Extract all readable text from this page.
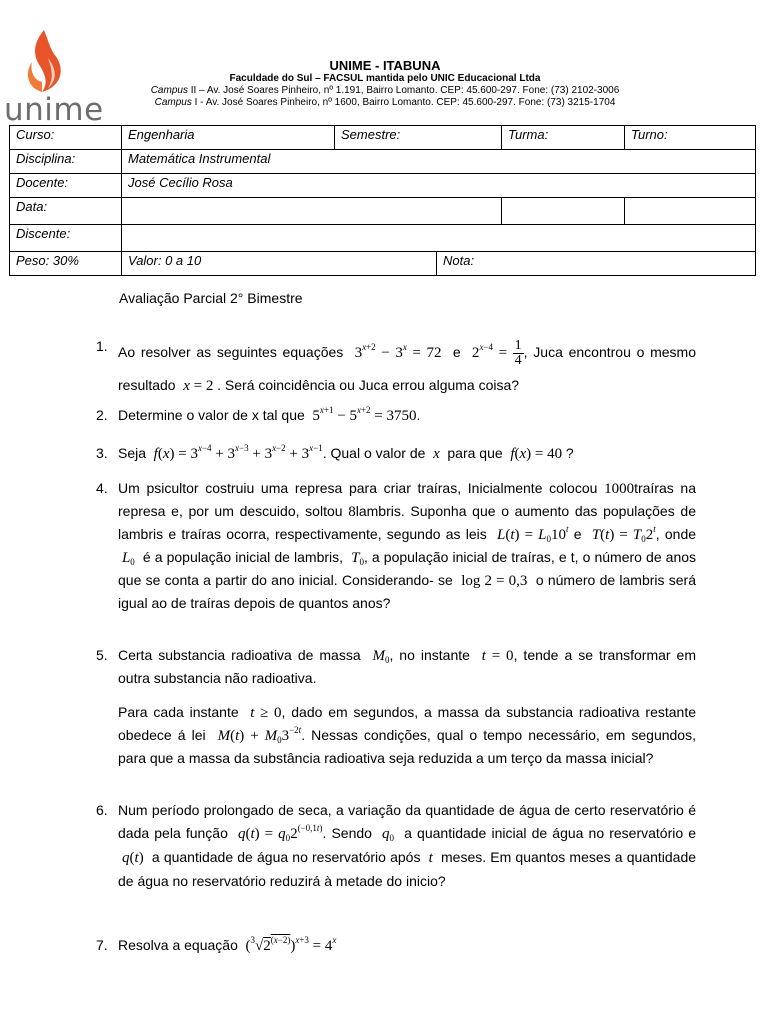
unime
UNIME - ITABUNA
Faculdade do Sul – FACSUL mantida pelo UNIC Educacional Ltda
Campus II – Av. José Soares Pinheiro, nº 1.191, Bairro Lomanto. CEP: 45.600-297. Fone: (73) 2102-3006
Campus I - Av. José Soares Pinheiro, nº 1600, Bairro Lomanto. CEP: 45.600-297. Fone: (73) 3215-1704
Curso:	Engenharia	Semestre:		Turma:	Turno:
Disciplina:	Matemática Instrumental				
Docente:	José Cecílio Rosa				
Data:					
Discente:					
Peso: 30%	Valor: 0 a 10		Nota:		
Avaliação Parcial 2° Bimestre
1. Ao resolver as seguintes equações  $3^{x+2} - 3^x = 72$  e  $2^{x-4} = \frac{1}{4}$ , Juca encontrou o mesmo resultado x = 2 . Será coincidência ou Juca errou alguma coisa?
2. Determine o valor de x tal que  $5^{x+1} - 5^{x+2} = 3750$.
3. Seja $f(x) = 3^{x-4} + 3^{x-3} + 3^{x-2} + 3^{x-1}$. Qual o valor de x para que f(x) = 40 ?
4. Um psicultor costruiu uma represa para criar traíras, Inicialmente colocou 1000traíras na represa e, por um descuido, soltou 8lambris. Suponha que o aumento das populações de lambris e traíras ocorra, respectivamente, segundo as leis $L(t) = L_010^t$ e $T(t) = T_02^t$, onde  $L_0$ é a população inicial de lambris, $T_0$, a população inicial de traíras, e t, o número de anos que se conta a partir do ano inicial. Considerando- se  log 2 = 0,3  o número de lambris será igual ao de traíras depois de quantos anos?
5. Certa substancia radioativa de massa $M_0$, no instante t = 0, tende a se transformar em outra substancia não radioativa.
Para cada instante t ≥ 0, dado em segundos, a massa da substancia radioativa restante obedece á lei $M(t) + M_03^{-2t}$. Nessas condições, qual o tempo necessário, em segundos, para que a massa da substância radioativa seja reduzida a um terço da massa inicial?
6. Num período prolongado de seca, a variação da quantidade de água de certo reservatório é dada pela função $q(t) = q_02^{(-0,1t)}$. Sendo $q_0$ a quantidade inicial de água no reservatório e  q(t)  a quantidade de água no reservatório após t meses. Em quantos meses a quantidade de água no reservatório reduzirá à metade do inicio?
7. Resolva a equação  $(^3√2^{(x-2)})^{x+3} = 4^x$
